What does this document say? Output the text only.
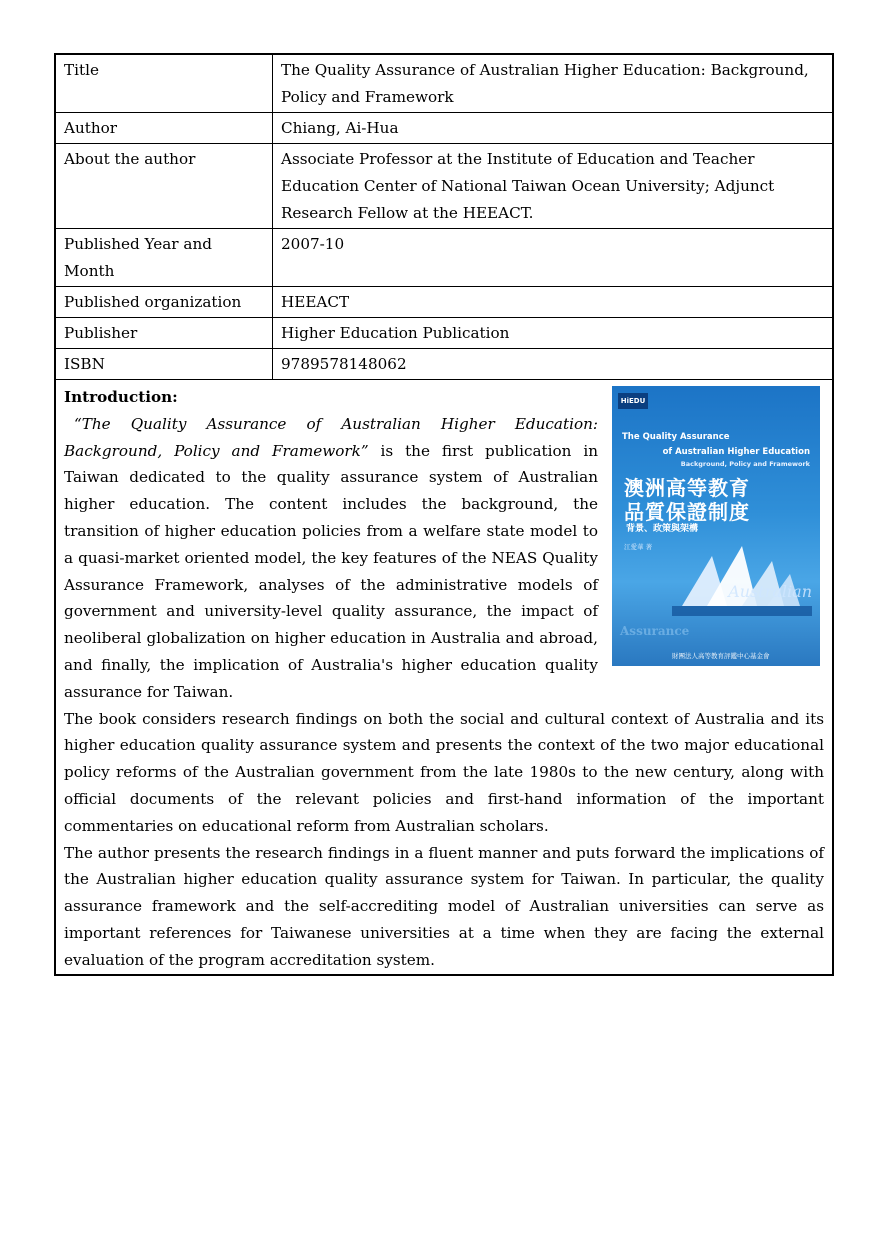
Title	The Quality Assurance of Australian Higher Education: Background, Policy and Framework
Author	Chiang, Ai-Hua
About the author	Associate Professor at the Institute of Education and Teacher Education Center of National Taiwan Ocean University; Adjunct Research Fellow at the HEEACT.
Published Year and Month	2007-10
Published organization	HEEACT
Publisher	Higher Education Publication
ISBN	9789578148062
HiEDU
The Quality Assurance
of Australian Higher Education
Background, Policy and Framework
澳洲高等教育
品質保證制度
背景、政策與架構
江愛華 著
Australian
Assurance
財團法人高等教育評鑑中心基金會
Introduction:

“The Quality Assurance of Australian Higher Education: Background, Policy and Framework” is the first publication in Taiwan dedicated to the quality assurance system of Australian higher education. The content includes the background, the transition of higher education policies from a welfare state model to a quasi-market oriented model, the key features of the NEAS Quality Assurance Framework, analyses of the administrative models of government and university-level quality assurance, the impact of neoliberal globalization on higher education in Australia and abroad, and finally, the implication of Australia's higher education quality assurance for Taiwan.

The book considers research findings on both the social and cultural context of Australia and its higher education quality assurance system and presents the context of the two major educational policy reforms of the Australian government from the late 1980s to the new century, along with official documents of the relevant policies and first-hand information of the important commentaries on educational reform from Australian scholars.

The author presents the research findings in a fluent manner and puts forward the implications of the Australian higher education quality assurance system for Taiwan. In particular, the quality assurance framework and the self-accrediting model of Australian universities can serve as important references for Taiwanese universities at a time when they are facing the external evaluation of the program accreditation system.
